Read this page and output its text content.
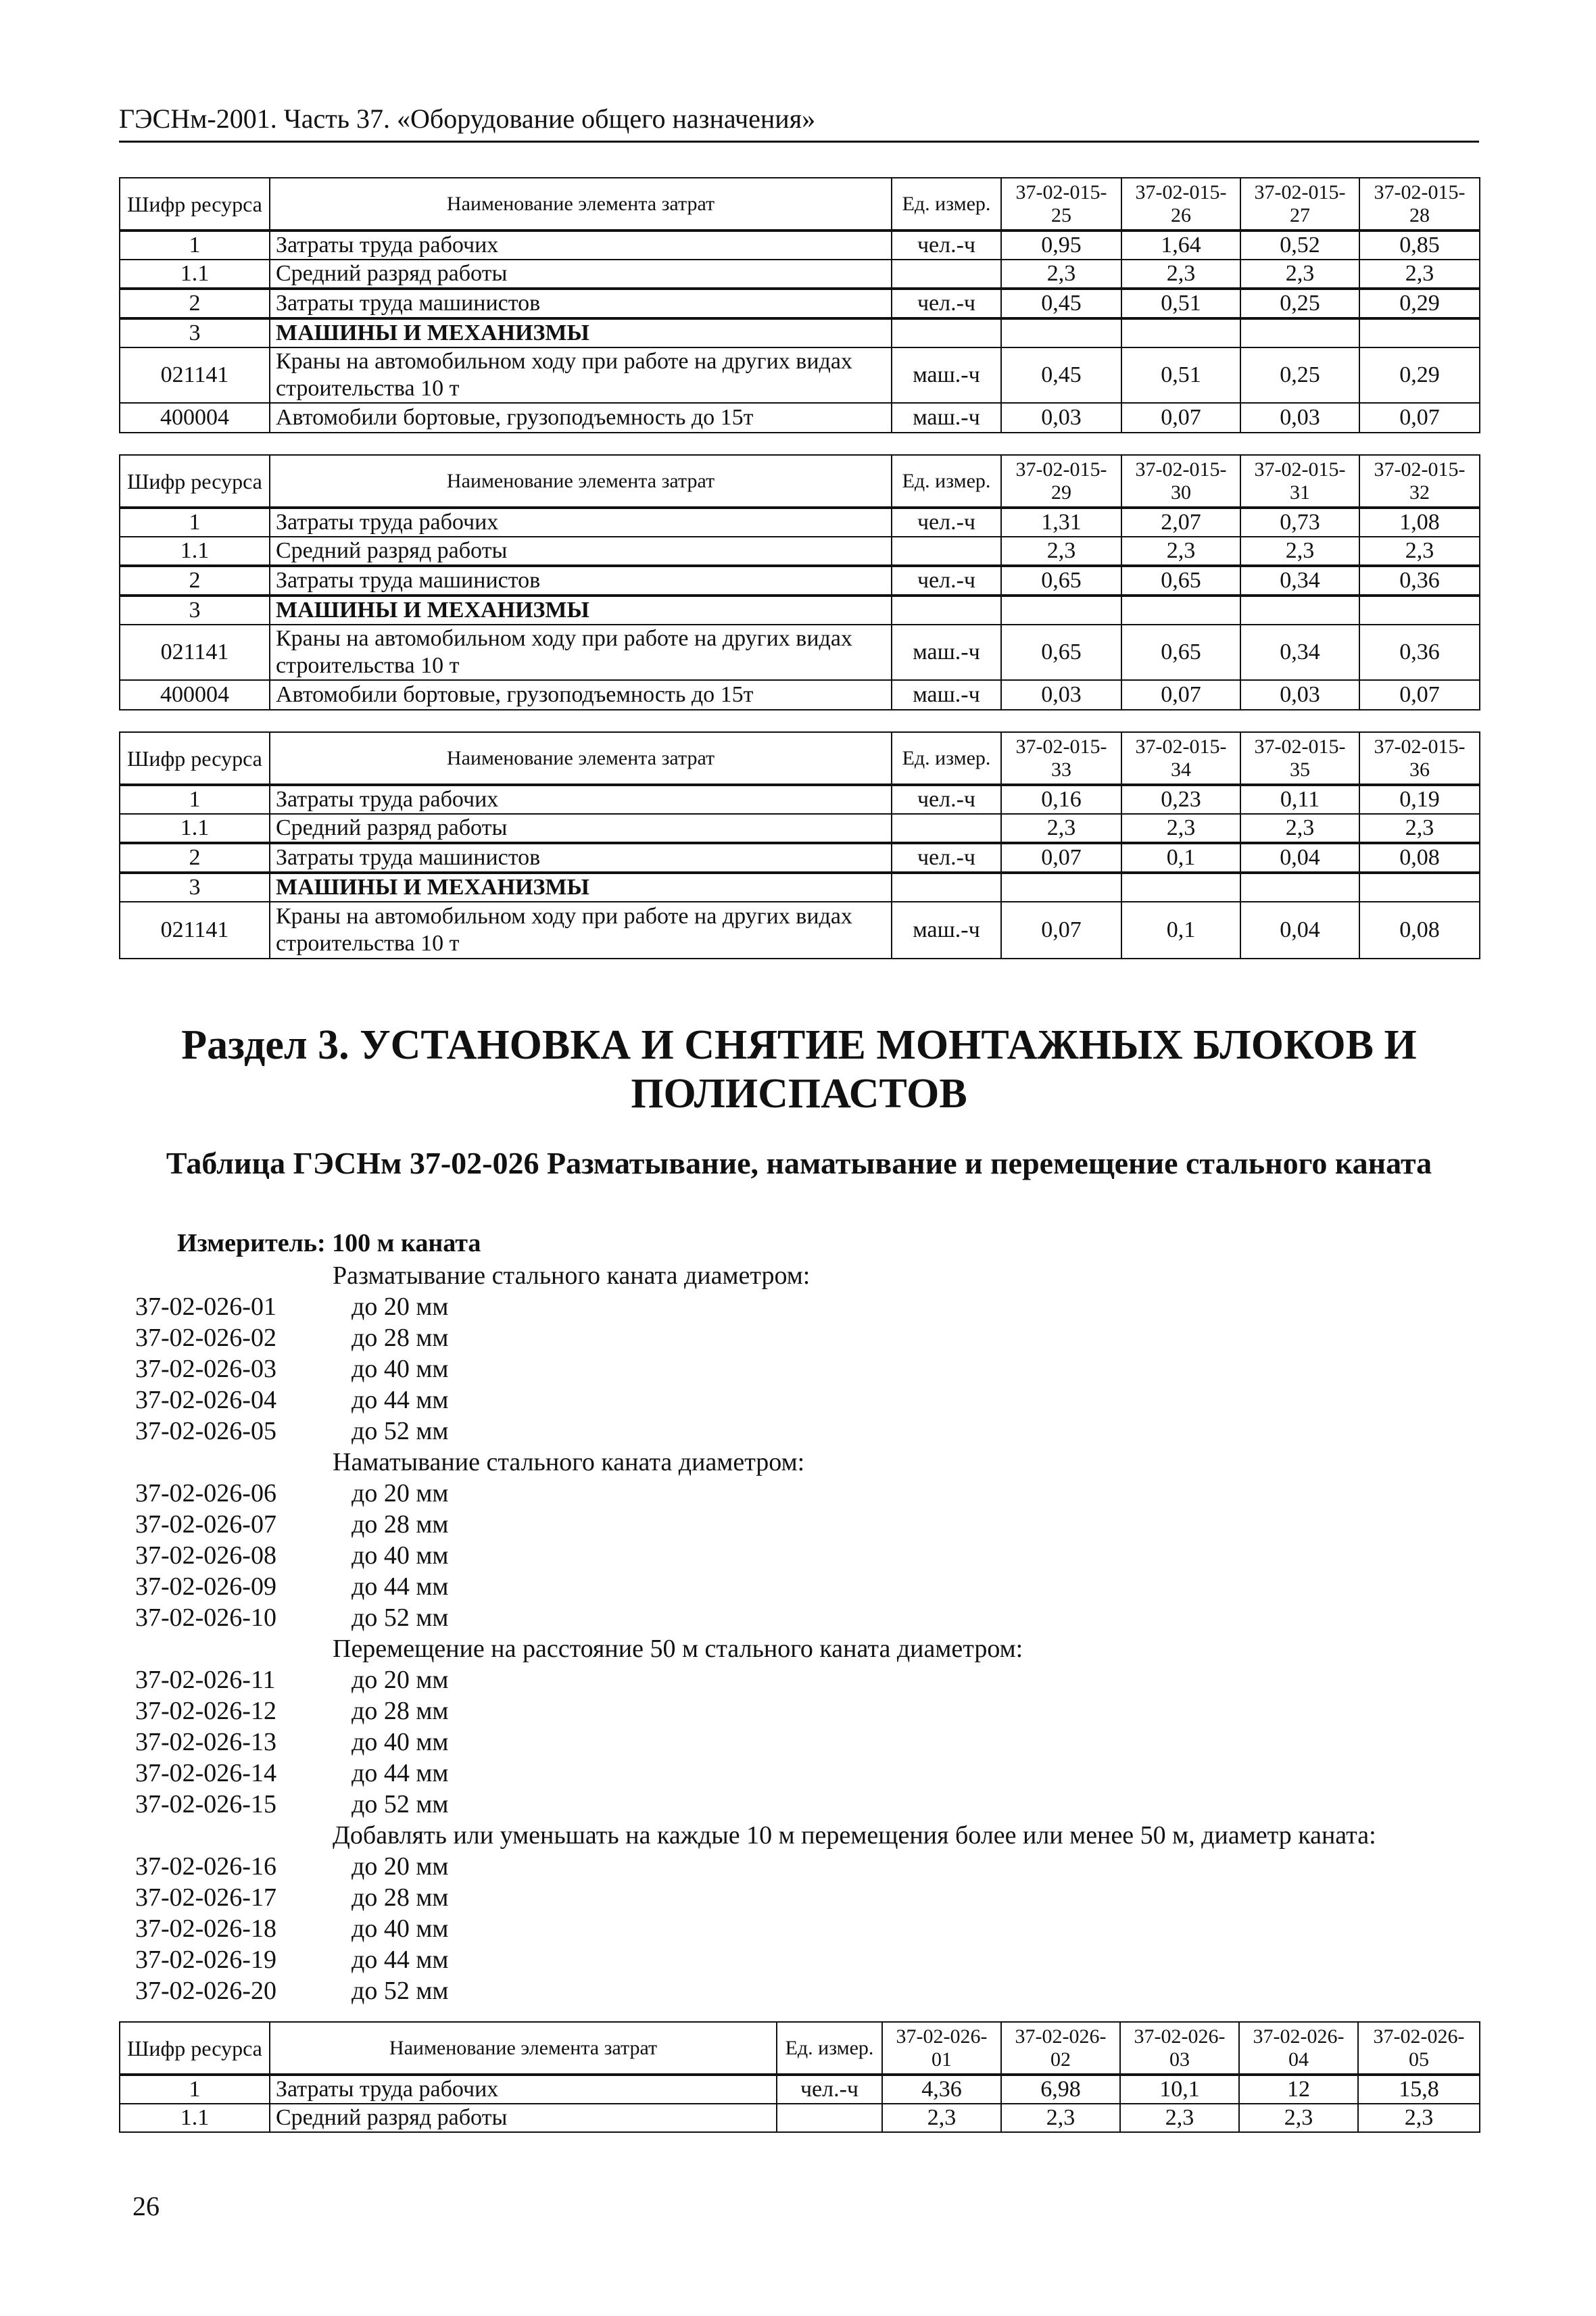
ГЭСНм-2001. Часть 37. «Оборудование общего назначения»
Шифр ресурса	Наименование элемента затрат	Ед. измер.	37-02-015-25	37-02-015-26	37-02-015-27	37-02-015-28
1	Затраты труда рабочих	чел.-ч	0,95	1,64	0,52	0,85
1.1	Средний разряд работы		2,3	2,3	2,3	2,3
2	Затраты труда машинистов	чел.-ч	0,45	0,51	0,25	0,29
3	МАШИНЫ И МЕХАНИЗМЫ					
021141	Краны на автомобильном ходу при работе на других видах строительства 10 т	маш.-ч	0,45	0,51	0,25	0,29
400004	Автомобили бортовые, грузоподъемность до 15т	маш.-ч	0,03	0,07	0,03	0,07
Шифр ресурса	Наименование элемента затрат	Ед. измер.	37-02-015-29	37-02-015-30	37-02-015-31	37-02-015-32
1	Затраты труда рабочих	чел.-ч	1,31	2,07	0,73	1,08
1.1	Средний разряд работы		2,3	2,3	2,3	2,3
2	Затраты труда машинистов	чел.-ч	0,65	0,65	0,34	0,36
3	МАШИНЫ И МЕХАНИЗМЫ					
021141	Краны на автомобильном ходу при работе на других видах строительства 10 т	маш.-ч	0,65	0,65	0,34	0,36
400004	Автомобили бортовые, грузоподъемность до 15т	маш.-ч	0,03	0,07	0,03	0,07
Шифр ресурса	Наименование элемента затрат	Ед. измер.	37-02-015-33	37-02-015-34	37-02-015-35	37-02-015-36
1	Затраты труда рабочих	чел.-ч	0,16	0,23	0,11	0,19
1.1	Средний разряд работы		2,3	2,3	2,3	2,3
2	Затраты труда машинистов	чел.-ч	0,07	0,1	0,04	0,08
3	МАШИНЫ И МЕХАНИЗМЫ					
021141	Краны на автомобильном ходу при работе на других видах строительства 10 т	маш.-ч	0,07	0,1	0,04	0,08
Раздел 3. УСТАНОВКА И СНЯТИЕ МОНТАЖНЫХ БЛОКОВ И ПОЛИСПАСТОВ
Таблица ГЭСНм 37-02-026 Разматывание, наматывание и перемещение стального каната
Измеритель: 100 м каната
Разматывание стального каната диаметром:
37-02-026-01	до 20 мм
37-02-026-02	до 28 мм
37-02-026-03	до 40 мм
37-02-026-04	до 44 мм
37-02-026-05	до 52 мм
Наматывание стального каната диаметром:
37-02-026-06	до 20 мм
37-02-026-07	до 28 мм
37-02-026-08	до 40 мм
37-02-026-09	до 44 мм
37-02-026-10	до 52 мм
Перемещение на расстояние 50 м стального каната диаметром:
37-02-026-11	до 20 мм
37-02-026-12	до 28 мм
37-02-026-13	до 40 мм
37-02-026-14	до 44 мм
37-02-026-15	до 52 мм
Добавлять или уменьшать на каждые 10 м перемещения более или менее 50 м, диаметр каната:
37-02-026-16	до 20 мм
37-02-026-17	до 28 мм
37-02-026-18	до 40 мм
37-02-026-19	до 44 мм
37-02-026-20	до 52 мм
Шифр ресурса	Наименование элемента затрат	Ед. измер.	37-02-026-01	37-02-026-02	37-02-026-03	37-02-026-04	37-02-026-05
1	Затраты труда рабочих	чел.-ч	4,36	6,98	10,1	12	15,8
1.1	Средний разряд работы		2,3	2,3	2,3	2,3	2,3
26
